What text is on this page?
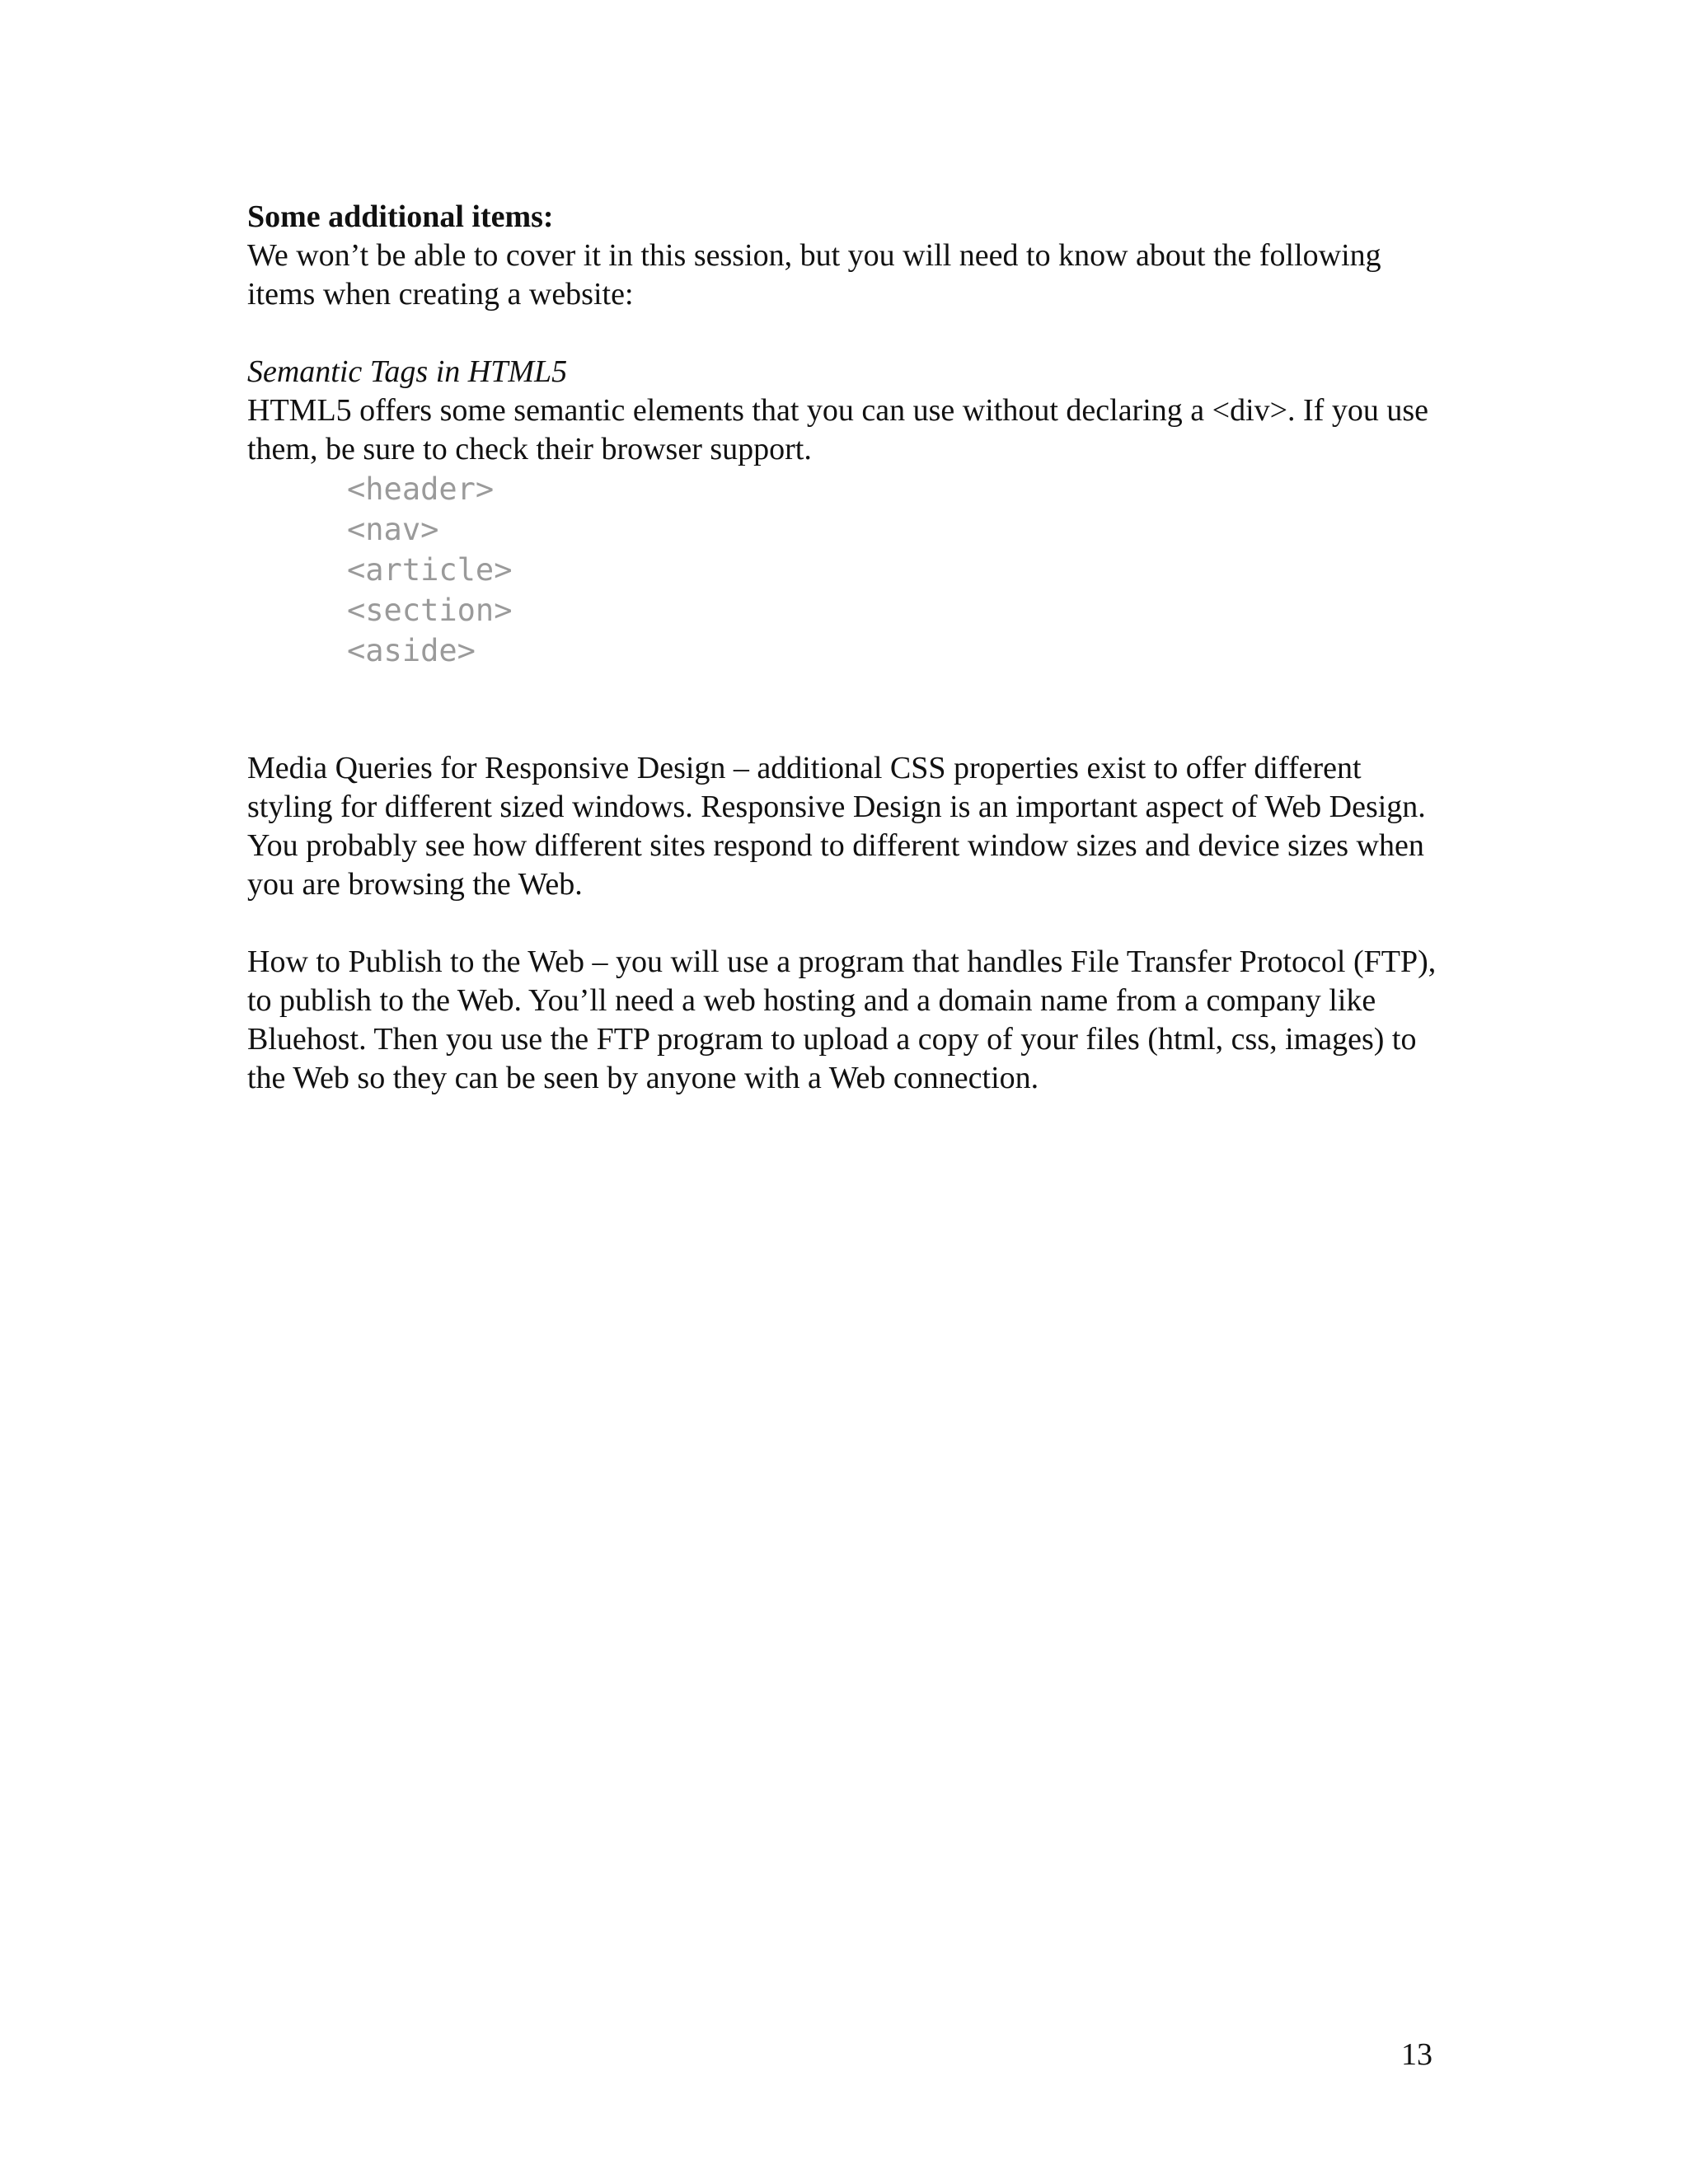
Some additional items:

We won’t be able to cover it in this session, but you will need to know about the following items when creating a website:

Semantic Tags in HTML5

HTML5 offers some semantic elements that you can use without declaring a <div>. If you use them, be sure to check their browser support.

<header>
<nav>
<article>
<section>
<aside>

Media Queries for Responsive Design – additional CSS properties exist to offer different styling for different sized windows. Responsive Design is an important aspect of Web Design. You probably see how different sites respond to different window sizes and device sizes when you are browsing the Web.

How to Publish to the Web – you will use a program that handles File Transfer Protocol (FTP), to publish to the Web. You’ll need a web hosting and a domain name from a company like Bluehost. Then you use the FTP program to upload a copy of your files (html, css, images) to the Web so they can be seen by anyone with a Web connection.

13
